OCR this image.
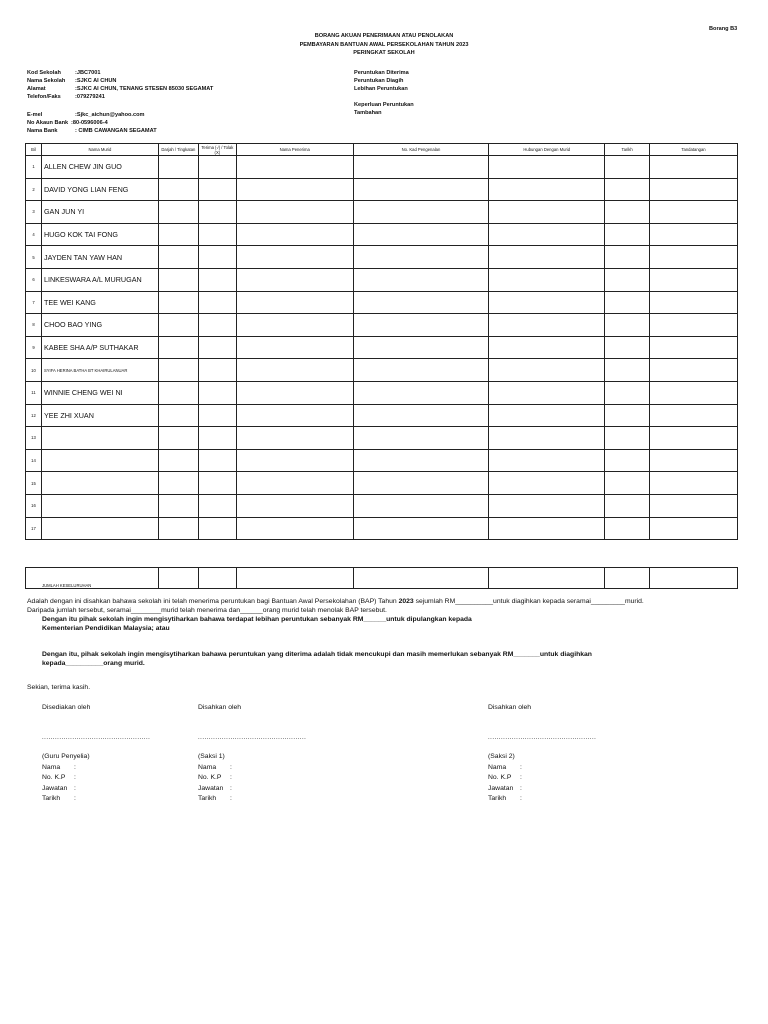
Borang B3
BORANG AKUAN PENERIMAAN ATAU PENOLAKAN
PEMBAYARAN BANTUAN AWAL PERSEKOLAHAN TAHUN 2023
PERINGKAT SEKOLAH
Kod Sekolah	:JBC7001
Nama Sekolah :SJKC AI CHUN
Alamat	:SJKC AI CHUN, TENANG STESEN 85030 SEGAMAT
Telefon/Faks	:079279241
E-mel	:Sjkc_aichun@yahoo.com
No Akaun Bank :80-0596006-4
Nama Bank	: CIMB CAWANGAN SEGAMAT
Peruntukan Diterima
Peruntukan Diagih
Lebihan Peruntukan
Keperluan Peruntukan
Tambahan
Bil	Nama Murid	Darjah / Tingkatan	Terima (√) / Tolak (X)	Nama Penerima	No. Kad Pengenalan	Hubungan Dengan Murid	Tarikh	Tandatangan
1	ALLEN CHEW JIN GUO							
2	DAVID YONG LIAN FENG							
3	GAN JUN YI							
4	HUGO KOK TAI FONG							
5	JAYDEN TAN YAW HAN							
6	LINKESWARA A/L MURUGAN							
7	TEE WEI KANG							
8	CHOO BAO YING							
9	KABEE SHA A/P SUTHAKAR							
10	SYIFA HERINA BATHA BT KHAIRULANUAR							
11	WINNIE CHENG WEI NI							
12	YEE ZHI XUAN							
13								
14								
15								
16								
17								
JUMLAH KESELURUHAN							
Adalah dengan ini disahkan bahawa sekolah ini telah menerima peruntukan bagi Bantuan Awal Persekolahan (BAP) Tahun 2023 sejumlah RM__________untuk diagihkan kepada seramai_________murid.
Daripada jumlah tersebut, seramai________murid telah menerima dan______orang murid telah menolak BAP tersebut.
Dengan itu pihak sekolah ingin mengisytiharkan bahawa terdapat lebihan peruntukan sebanyak RM______untuk dipulangkan kepada
Kementerian Pendidikan Malaysia; atau
Dengan itu, pihak sekolah ingin mengisytiharkan bahawa peruntukan yang diterima adalah tidak mencukupi dan masih memerlukan sebanyak RM_______untuk diagihkan
kepada__________orang murid.
Sekian, terima kasih.
Disediakan oleh
..................................................
(Guru Penyelia)
Nama :
No. K.P :
Jawatan :
Tarikh :
Disahkan oleh
..................................................
(Saksi 1)
Nama :
No. K.P :
Jawatan :
Tarikh :
Disahkan oleh
..................................................
(Saksi 2)
Nama :
No. K.P :
Jawatan :
Tarikh :
